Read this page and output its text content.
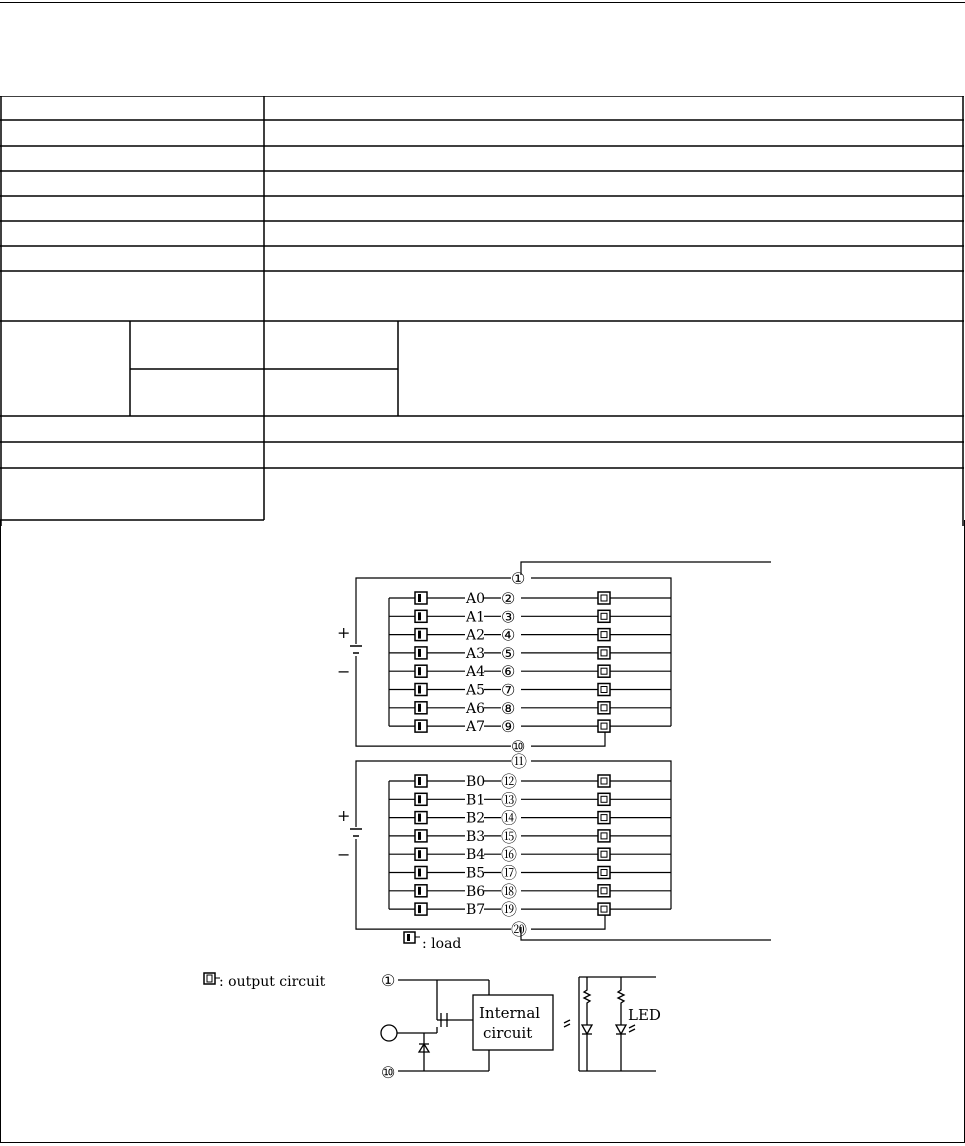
+
−
①
⑩
A0 ②
A1 ③
A2 ④
A3 ⑤
A4 ⑥
A5 ⑦
A6 ⑧
A7 ⑨
+
−
⑪
⑳
B0 ⑫
B1 ⑬
B2 ⑭
B3 ⑮
B4 ⑯
B5 ⑰
B6 ⑱
B7 ⑲
: load
: output circuit	①
⑩
Internal
circuit
LED
